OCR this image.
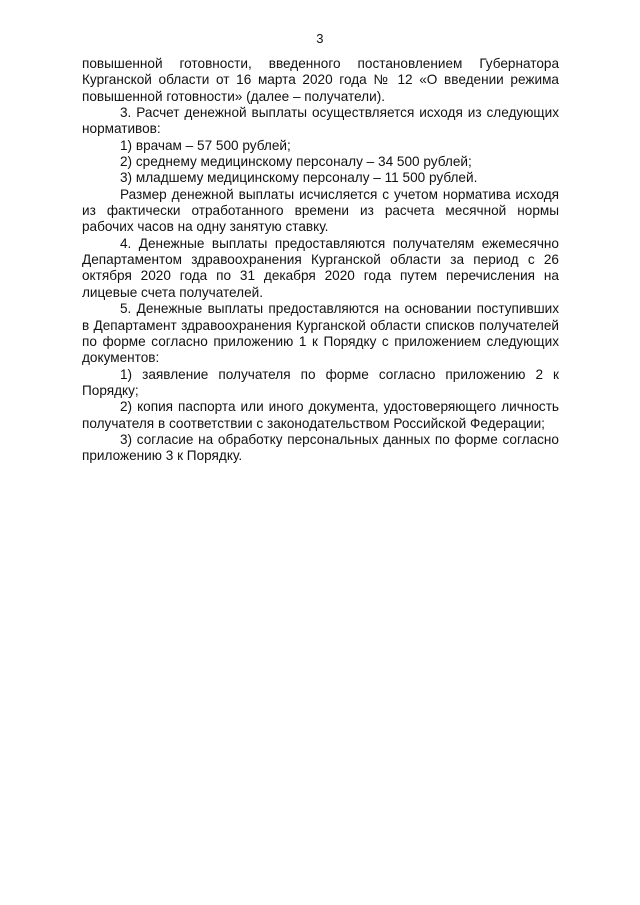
3

повышенной готовности, введенного постановлением Губернатора Курганской области от 16 марта 2020 года № 12 «О введении режима повышенной готовности» (далее – получатели).

3. Расчет денежной выплаты осуществляется исходя из следующих нормативов:

1) врачам – 57 500 рублей;

2) среднему медицинскому персоналу – 34 500 рублей;

3) младшему медицинскому персоналу – 11 500 рублей.

Размер денежной выплаты исчисляется с учетом норматива исходя из фактически отработанного времени из расчета месячной нормы рабочих часов на одну занятую ставку.

4. Денежные выплаты предоставляются получателям ежемесячно Департаментом здравоохранения Курганской области за период с 26 октября 2020 года по 31 декабря 2020 года путем перечисления на лицевые счета получателей.

5. Денежные выплаты предоставляются на основании поступивших в Департамент здравоохранения Курганской области списков получателей по форме согласно приложению 1 к Порядку с приложением следующих документов:

1) заявление получателя по форме согласно приложению 2 к Порядку;

2) копия паспорта или иного документа, удостоверяющего личность получателя в соответствии с законодательством Российской Федерации;

3) согласие на обработку персональных данных по форме согласно приложению 3 к Порядку.
